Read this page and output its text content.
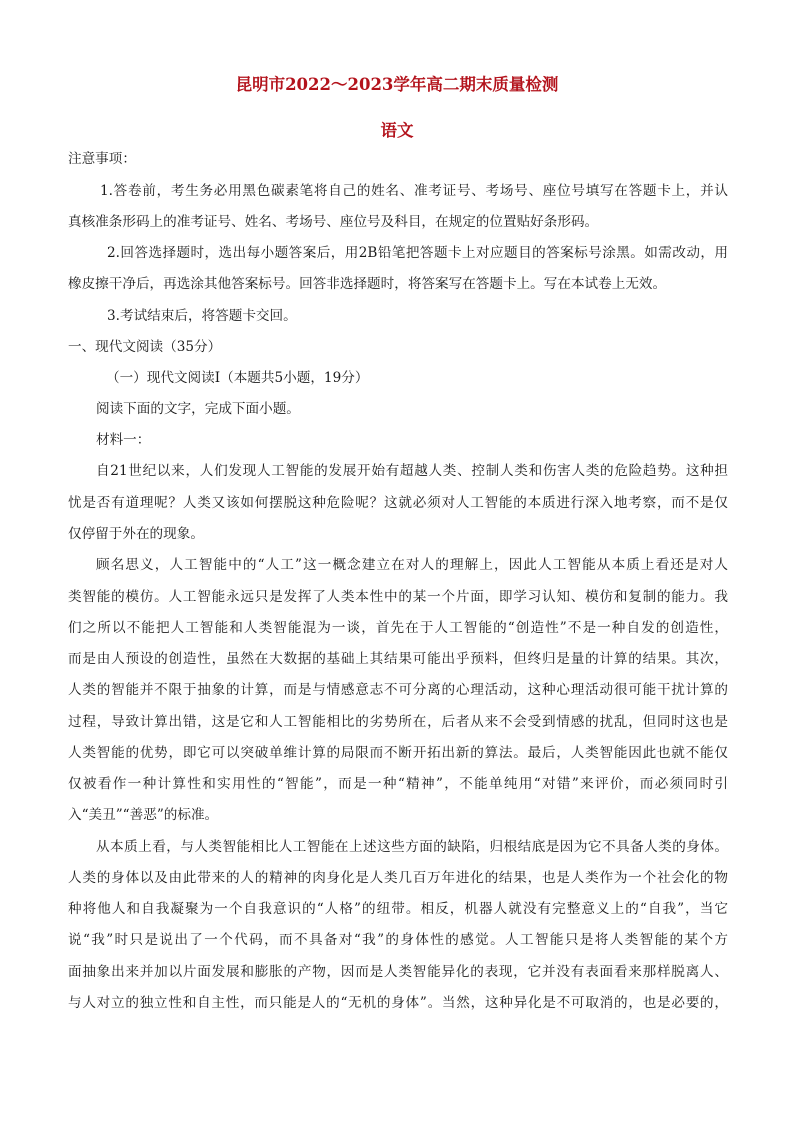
昆明市2022～2023学年高二期末质量检测
语文
注意事项：
1.答卷前，考生务必用黑色碳素笔将自己的姓名、准考证号、考场号、座位号填写在答题卡上，并认
真核准条形码上的准考证号、姓名、考场号、座位号及科目，在规定的位置贴好条形码。
2.回答选择题时，选出每小题答案后，用2B铅笔把答题卡上对应题目的答案标号涂黑。如需改动，用
橡皮擦干净后，再选涂其他答案标号。回答非选择题时，将答案写在答题卡上。写在本试卷上无效。
3.考试结束后，将答题卡交回。
一、现代文阅读（35分）
（一）现代文阅读Ⅰ（本题共5小题，19分）
阅读下面的文字，完成下面小题。
材料一：
自21世纪以来，人们发现人工智能的发展开始有超越人类、控制人类和伤害人类的危险趋势。这种担
忧是否有道理呢？人类又该如何摆脱这种危险呢？这就必须对人工智能的本质进行深入地考察，而不是仅
仅停留于外在的现象。
顾名思义，人工智能中的“人工”这一概念建立在对人的理解上，因此人工智能从本质上看还是对人
类智能的模仿。人工智能永远只是发挥了人类本性中的某一个片面，即学习认知、模仿和复制的能力。我
们之所以不能把人工智能和人类智能混为一谈，首先在于人工智能的“创造性”不是一种自发的创造性，
而是由人预设的创造性，虽然在大数据的基础上其结果可能出乎预料，但终归是量的计算的结果。其次，
人类的智能并不限于抽象的计算，而是与情感意志不可分离的心理活动，这种心理活动很可能干扰计算的
过程，导致计算出错，这是它和人工智能相比的劣势所在，后者从来不会受到情感的扰乱，但同时这也是
人类智能的优势，即它可以突破单维计算的局限而不断开拓出新的算法。最后，人类智能因此也就不能仅
仅被看作一种计算性和实用性的“智能”，而是一种“精神”，不能单纯用“对错”来评价，而必须同时引
入“美丑”“善恶”的标准。
从本质上看，与人类智能相比人工智能在上述这些方面的缺陷，归根结底是因为它不具备人类的身体。
人类的身体以及由此带来的人的精神的肉身化是人类几百万年进化的结果，也是人类作为一个社会化的物
种将他人和自我凝聚为一个自我意识的“人格”的纽带。相反，机器人就没有完整意义上的“自我”，当它
说“我”时只是说出了一个代码，而不具备对“我”的身体性的感觉。人工智能只是将人类智能的某个方
面抽象出来并加以片面发展和膨胀的产物，因而是人类智能异化的表现，它并没有表面看来那样脱离人、
与人对立的独立性和自主性，而只能是人的“无机的身体”。当然，这种异化是不可取消的，也是必要的，
